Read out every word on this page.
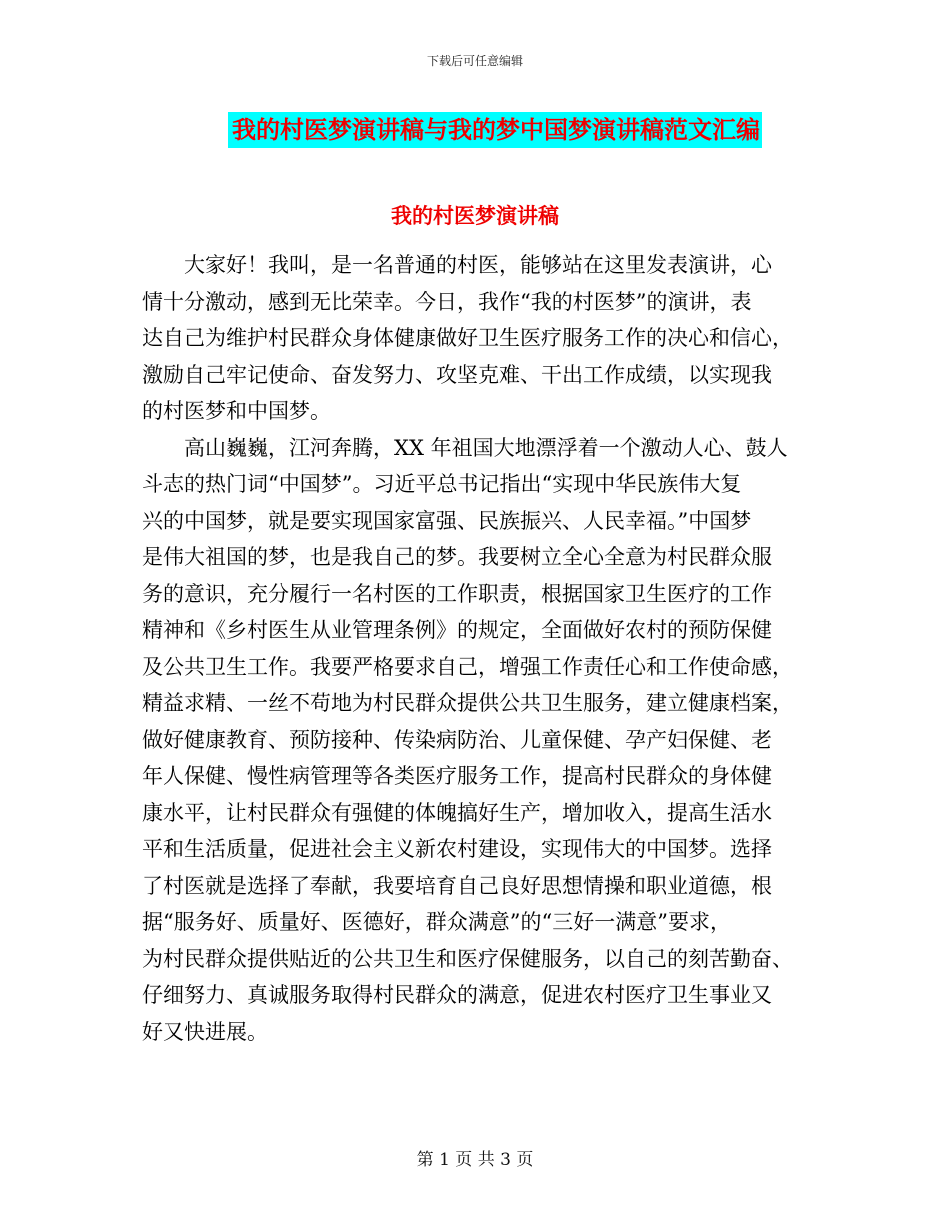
下载后可任意编辑
我的村医梦演讲稿与我的梦中国梦演讲稿范文汇编
我的村医梦演讲稿
大家好！我叫，是一名普通的村医，能够站在这里发表演讲，心
情十分激动，感到无比荣幸。今日，我作“我的村医梦”的演讲，表
达自己为维护村民群众身体健康做好卫生医疗服务工作的决心和信心，
激励自己牢记使命、奋发努力、攻坚克难、干出工作成绩，以实现我
的村医梦和中国梦。
高山巍巍，江河奔腾，XX 年祖国大地漂浮着一个激动人心、鼓人
斗志的热门词“中国梦”。习近平总书记指出“实现中华民族伟大复
兴的中国梦，就是要实现国家富强、民族振兴、人民幸福。”中国梦
是伟大祖国的梦，也是我自己的梦。我要树立全心全意为村民群众服
务的意识，充分履行一名村医的工作职责，根据国家卫生医疗的工作
精神和《乡村医生从业管理条例》的规定，全面做好农村的预防保健
及公共卫生工作。我要严格要求自己，增强工作责任心和工作使命感，
精益求精、一丝不苟地为村民群众提供公共卫生服务，建立健康档案，
做好健康教育、预防接种、传染病防治、儿童保健、孕产妇保健、老
年人保健、慢性病管理等各类医疗服务工作，提高村民群众的身体健
康水平，让村民群众有强健的体魄搞好生产，增加收入，提高生活水
平和生活质量，促进社会主义新农村建设，实现伟大的中国梦。选择
了村医就是选择了奉献，我要培育自己良好思想情操和职业道德，根
据“服务好、质量好、医德好，群众满意”的“三好一满意”要求，
为村民群众提供贴近的公共卫生和医疗保健服务，以自己的刻苦勤奋、
仔细努力、真诚服务取得村民群众的满意，促进农村医疗卫生事业又
好又快进展。
第 1 页 共 3 页
